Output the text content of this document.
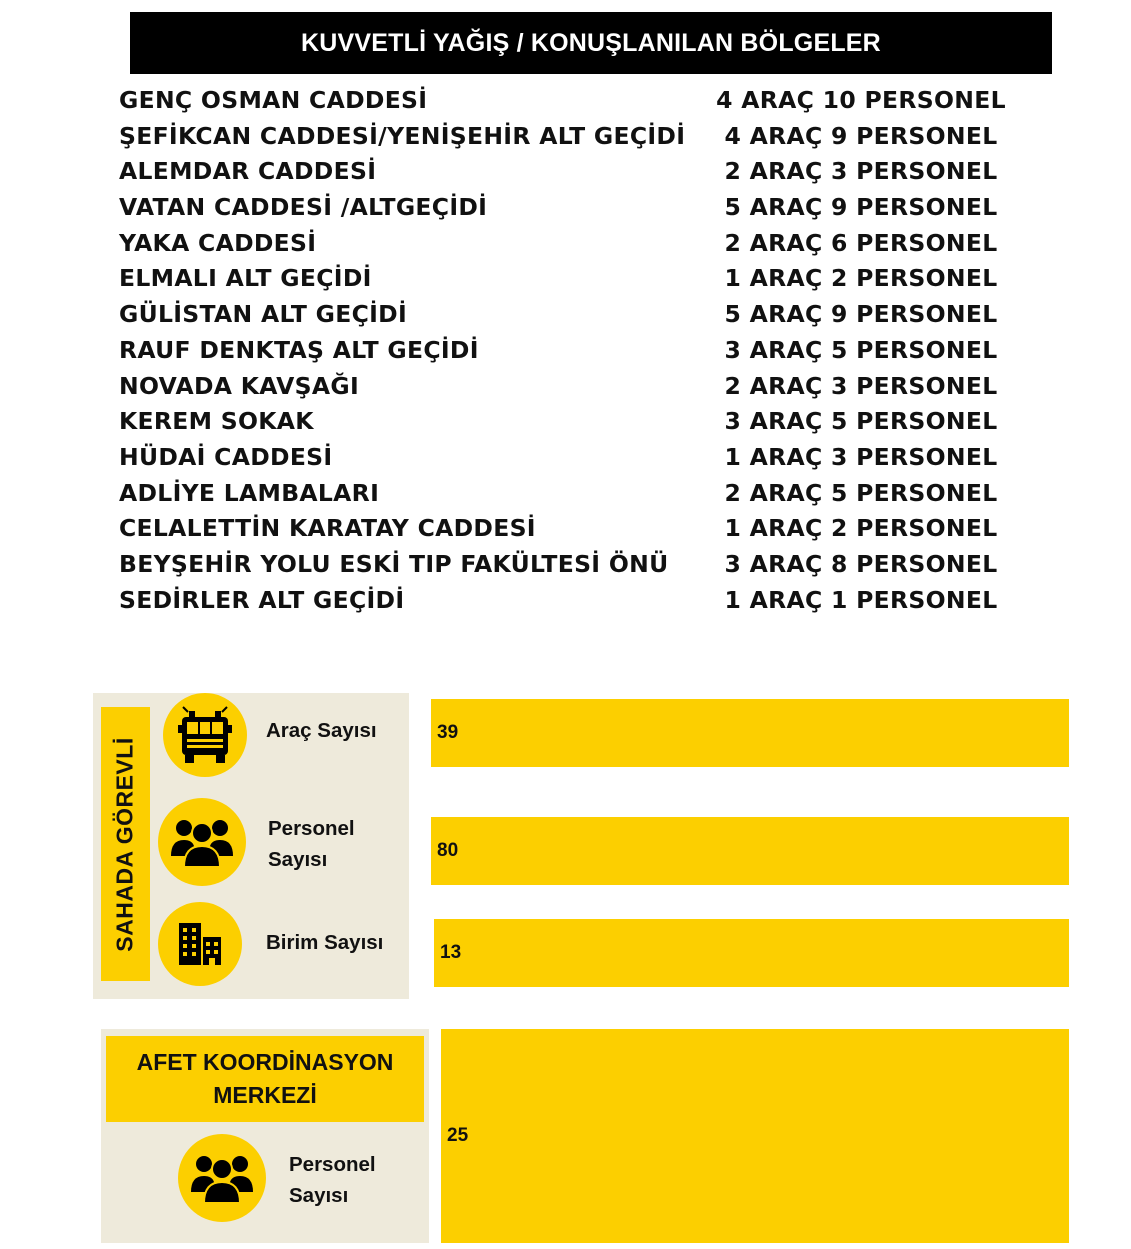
KUVVETLİ YAĞIŞ / KONUŞLANILAN BÖLGELER
GENÇ OSMAN CADDESİ	4 ARAÇ 10 PERSONEL
ŞEFİKCAN CADDESİ/YENİŞEHİR ALT GEÇİDİ 4 ARAÇ 9 PERSONEL
ALEMDAR CADDESİ	2 ARAÇ 3 PERSONEL
VATAN CADDESİ /ALTGEÇİDİ	5 ARAÇ 9 PERSONEL
YAKA CADDESİ	2 ARAÇ 6 PERSONEL
ELMALI ALT GEÇİDİ	1 ARAÇ 2 PERSONEL
GÜLİSTAN ALT GEÇİDİ	5 ARAÇ 9 PERSONEL
RAUF DENKTAŞ ALT GEÇİDİ	3 ARAÇ 5 PERSONEL
NOVADA KAVŞAĞI	2 ARAÇ 3 PERSONEL
KEREM SOKAK	3 ARAÇ 5 PERSONEL
HÜDAİ CADDESİ	1 ARAÇ 3 PERSONEL
ADLİYE LAMBALARI	2 ARAÇ 5 PERSONEL
CELALETTİN KARATAY CADDESİ	1 ARAÇ 2 PERSONEL
BEYŞEHİR YOLU ESKİ TIP FAKÜLTESİ ÖNÜ 3 ARAÇ 8 PERSONEL
SEDİRLER ALT GEÇİDİ	1 ARAÇ 1 PERSONEL
SAHADA GÖREVLİ
Araç Sayısı	39
Personel
Sayısı	80
Birim Sayısı	13
AFET KOORDİNASYON
MERKEZİ
Personel
Sayısı
25
